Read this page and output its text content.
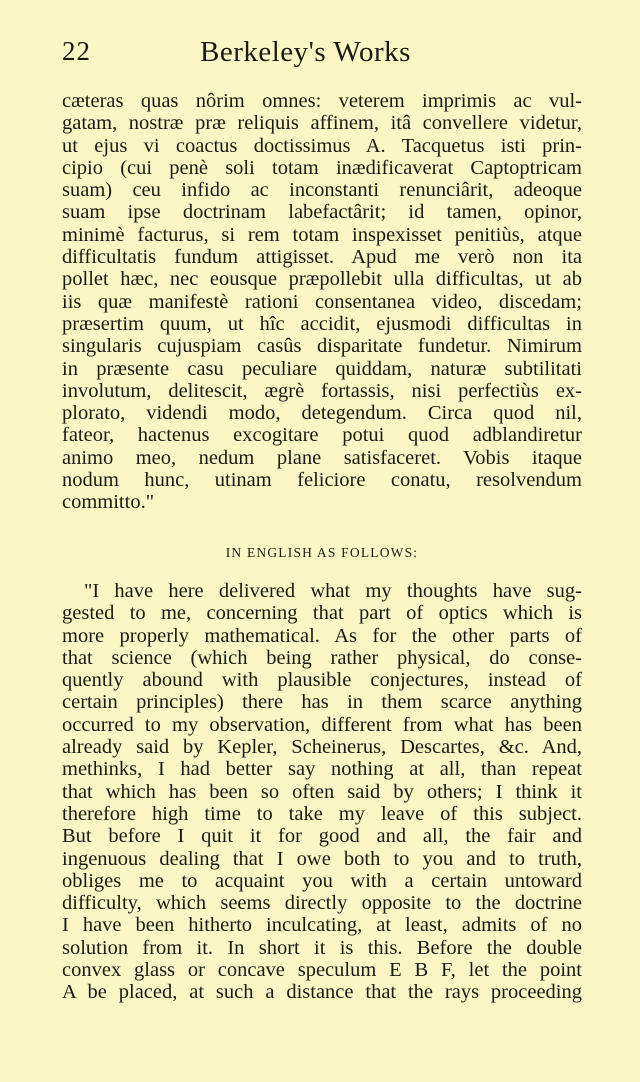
22	Berkeley's Works
cæteras quas nôrim omnes: veterem imprimis ac vul-
gatam, nostræ præ reliquis affinem, itâ convellere videtur,
ut ejus vi coactus doctissimus A. Tacquetus isti prin-
cipio (cui penè soli totam inædificaverat Captoptricam
suam) ceu infido ac inconstanti renunciârit, adeoque
suam ipse doctrinam labefactârit; id tamen, opinor,
minimè facturus, si rem totam inspexisset penitiùs, atque
difficultatis fundum attigisset. Apud me verò non ita
pollet hæc, nec eousque præpollebit ulla difficultas, ut ab
iis quæ manifestè rationi consentanea video, discedam;
præsertim quum, ut hîc accidit, ejusmodi difficultas in
singularis cujuspiam casûs disparitate fundetur. Nimirum
in præsente casu peculiare quiddam, naturæ subtilitati
involutum, delitescit, ægrè fortassis, nisi perfectiùs ex-
plorato, videndi modo, detegendum. Circa quod nil,
fateor, hactenus excogitare potui quod adblandiretur
animo meo, nedum plane satisfaceret. Vobis itaque
nodum hunc, utinam feliciore conatu, resolvendum
committo."
IN ENGLISH AS FOLLOWS:
"I have here delivered what my thoughts have sug-
gested to me, concerning that part of optics which is
more properly mathematical. As for the other parts of
that science (which being rather physical, do conse-
quently abound with plausible conjectures, instead of
certain principles) there has in them scarce anything
occurred to my observation, different from what has been
already said by Kepler, Scheinerus, Descartes, &c. And,
methinks, I had better say nothing at all, than repeat
that which has been so often said by others; I think it
therefore high time to take my leave of this subject.
But before I quit it for good and all, the fair and
ingenuous dealing that I owe both to you and to truth,
obliges me to acquaint you with a certain untoward
difficulty, which seems directly opposite to the doctrine
I have been hitherto inculcating, at least, admits of no
solution from it. In short it is this. Before the double
convex glass or concave speculum E B F, let the point
A be placed, at such a distance that the rays proceeding
